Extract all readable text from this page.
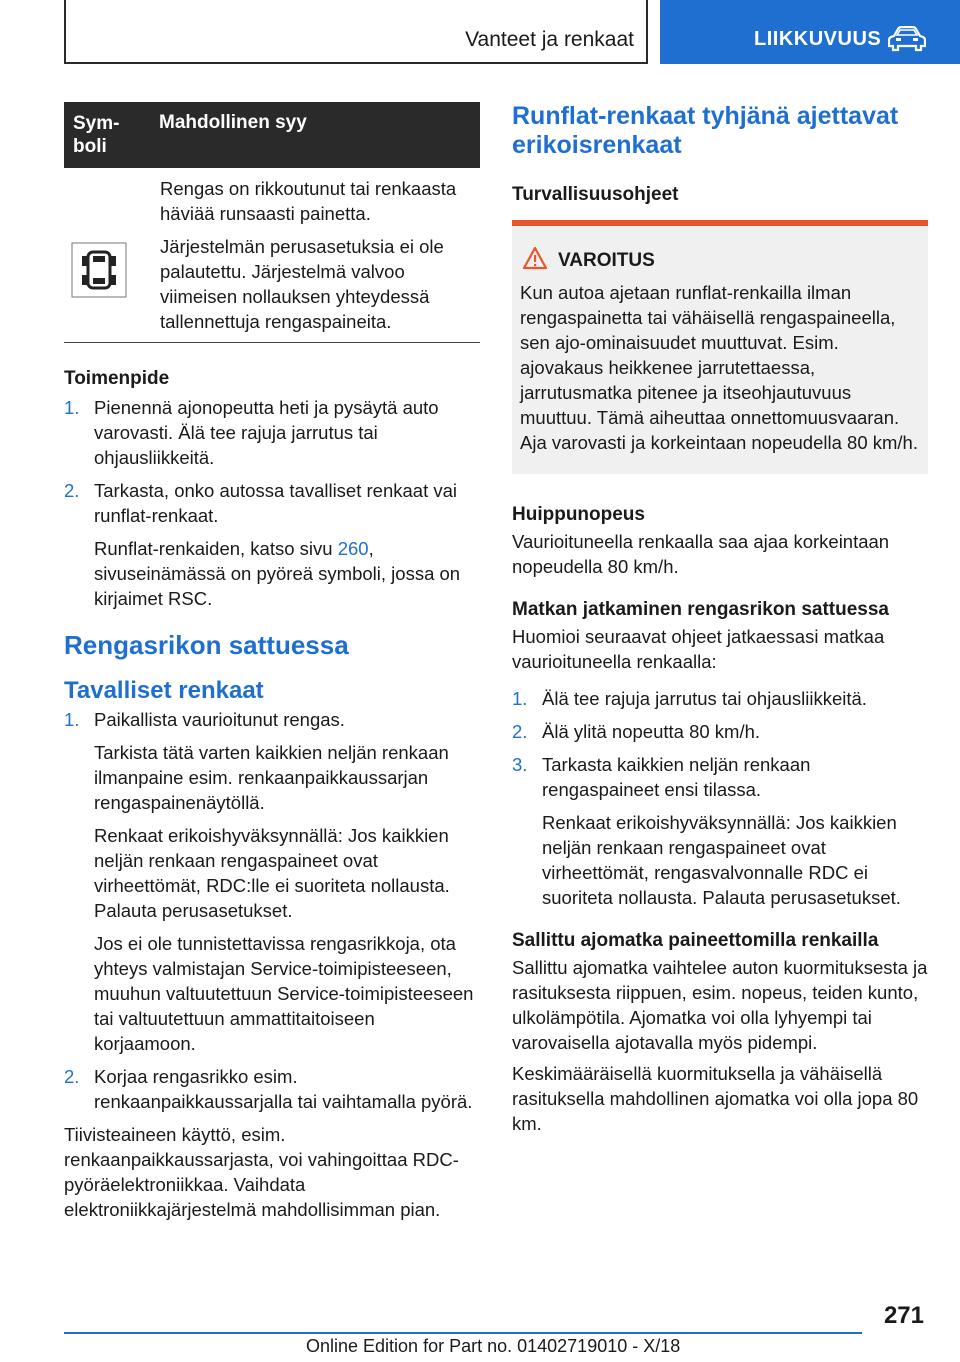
Vanteet ja renkaat	LIIKKUVUUS
Sym-
boli
Mahdollinen syy

Rengas on rikkoutunut tai renkaasta häviää runsaasti painetta.

Järjestelmän perusasetuksia ei ole palautettu. Järjestelmä valvoo viimeisen nollauksen yhteydessä tallennettuja rengaspaineita.

Toimenpide

1. Pienennä ajonopeutta heti ja pysäytä auto varovasti. Älä tee rajuja jarrutus tai ohjausliikkeitä.

2. Tarkasta, onko autossa tavalliset renkaat vai runflat-renkaat.

Runflat-renkaiden, katso sivu 260, sivuseinämässä on pyöreä symboli, jossa on kirjaimet RSC.

Rengasrikon sattuessa

Tavalliset renkaat

1. Paikallista vaurioitunut rengas.

Tarkista tätä varten kaikkien neljän renkaan ilmanpaine esim. renkaanpaikkaussarjan rengaspainenäytöllä.

Renkaat erikoishyväksynnällä: Jos kaikkien neljän renkaan rengaspaineet ovat virheettömät, RDC:lle ei suoriteta nollausta. Palauta perusasetukset.

Jos ei ole tunnistettavissa rengasrikkoja, ota yhteys valmistajan Service-toimipisteeseen, muuhun valtuutettuun Service-toimipisteeseen tai valtuutettuun ammattitaitoiseen korjaamoon.

2. Korjaa rengasrikko esim. renkaanpaikkaussarjalla tai vaihtamalla pyörä.

Tiivisteaineen käyttö, esim. renkaanpaikkaussarjasta, voi vahingoittaa RDC-pyöräelektroniikkaa. Vaihdata elektroniikkajärjestelmä mahdollisimman pian.

Runflat-renkaat tyhjänä ajettavat erikoisrenkaat

Turvallisuusohjeet

VAROITUS
Kun autoa ajetaan runflat-renkailla ilman rengaspainetta tai vähäisellä rengaspaineella, sen ajo-ominaisuudet muuttuvat. Esim. ajovakaus heikkenee jarrutettaessa, jarrutusmatka pitenee ja itseohjautuvuus muuttuu. Tämä aiheuttaa onnettomuusvaaran. Aja varovasti ja korkeintaan nopeudella 80 km/h.

Huippunopeus

Vaurioituneella renkaalla saa ajaa korkeintaan nopeudella 80 km/h.

Matkan jatkaminen rengasrikon sattuessa

Huomioi seuraavat ohjeet jatkaessasi matkaa vaurioituneella renkaalla:

1. Älä tee rajuja jarrutus tai ohjausliikkeitä.

2. Älä ylitä nopeutta 80 km/h.

3. Tarkasta kaikkien neljän renkaan rengaspaineet ensi tilassa.

Renkaat erikoishyväksynnällä: Jos kaikkien neljän renkaan rengaspaineet ovat virheettömät, rengasvalvonnalle RDC ei suoriteta nollausta. Palauta perusasetukset.

Sallittu ajomatka paineettomilla renkailla

Sallittu ajomatka vaihtelee auton kuormituksesta ja rasituksesta riippuen, esim. nopeus, teiden kunto, ulkolämpötila. Ajomatka voi olla lyhyempi tai varovaisella ajotavalla myös pidempi.

Keskimääräisellä kuormituksella ja vähäisellä rasituksella mahdollinen ajomatka voi olla jopa 80 km.

271
Online Edition for Part no. 01402719010 - X/18
